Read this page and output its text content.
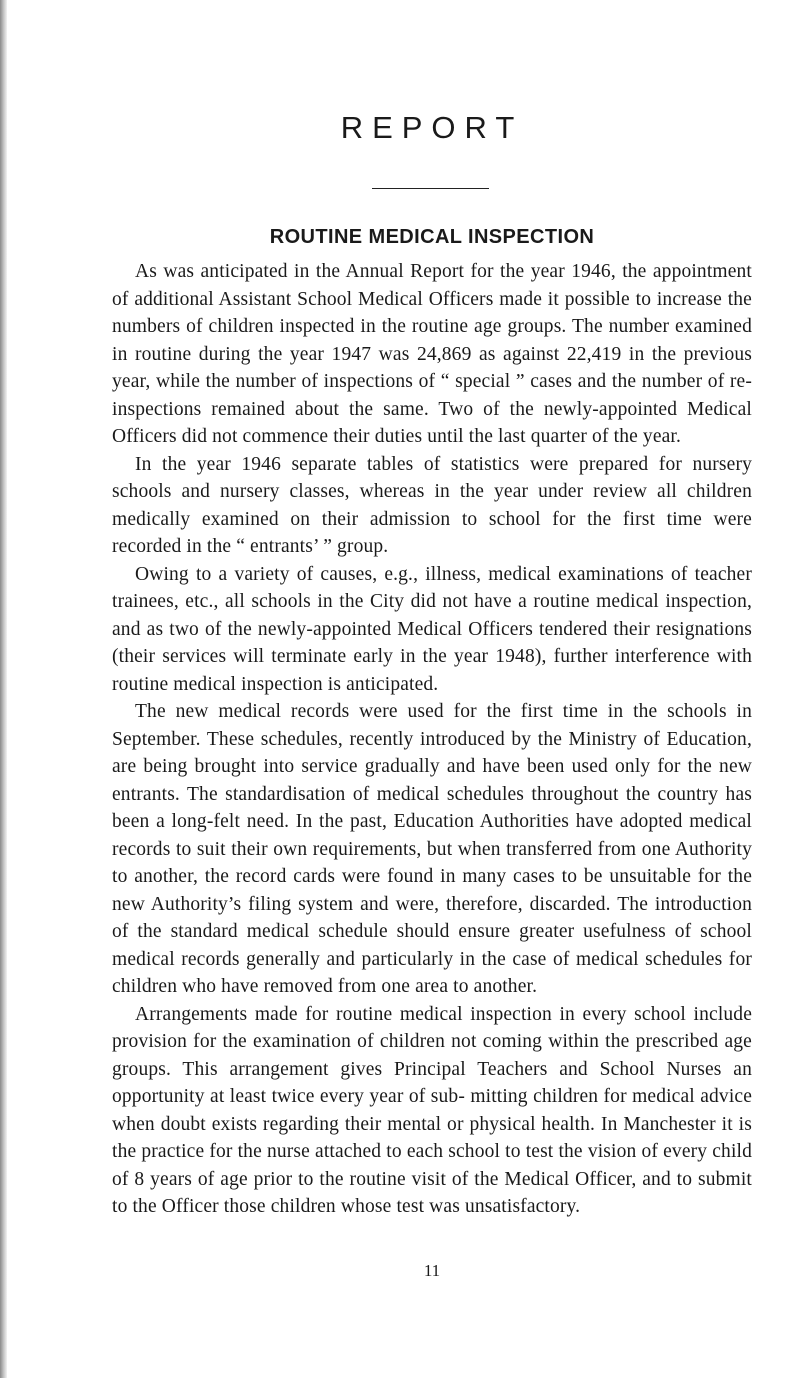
REPORT
ROUTINE MEDICAL INSPECTION

As was anticipated in the Annual Report for the year 1946, the appointment of additional Assistant School Medical Officers made it possible to increase the numbers of children inspected in the routine age groups. The number examined in routine during the year 1947 was 24,869 as against 22,419 in the previous year, while the number of inspections of “ special ” cases and the number of re-inspections remained about the same. Two of the newly-appointed Medical Officers did not commence their duties until the last quarter of the year.

In the year 1946 separate tables of statistics were prepared for nursery schools and nursery classes, whereas in the year under review all children medically examined on their admission to school for the first time were recorded in the “ entrants’ ” group.

Owing to a variety of causes, e.g., illness, medical examinations of teacher trainees, etc., all schools in the City did not have a routine medical inspection, and as two of the newly-appointed Medical Officers tendered their resignations (their services will terminate early in the year 1948), further interference with routine medical inspection is anticipated.

The new medical records were used for the first time in the schools in September. These schedules, recently introduced by the Ministry of Education, are being brought into service gradually and have been used only for the new entrants. The standardisation of medical schedules throughout the country has been a long-felt need. In the past, Education Authorities have adopted medical records to suit their own requirements, but when transferred from one Authority to another, the record cards were found in many cases to be unsuitable for the new Authority’s filing system and were, therefore, discarded. The introduction of the standard medical schedule should ensure greater usefulness of school medical records generally and particularly in the case of medical schedules for children who have removed from one area to another.

Arrangements made for routine medical inspection in every school include provision for the examination of children not coming within the prescribed age groups. This arrangement gives Principal Teachers and School Nurses an opportunity at least twice every year of sub- mitting children for medical advice when doubt exists regarding their mental or physical health. In Manchester it is the practice for the nurse attached to each school to test the vision of every child of 8 years of age prior to the routine visit of the Medical Officer, and to submit to the Officer those children whose test was unsatisfactory.

11
